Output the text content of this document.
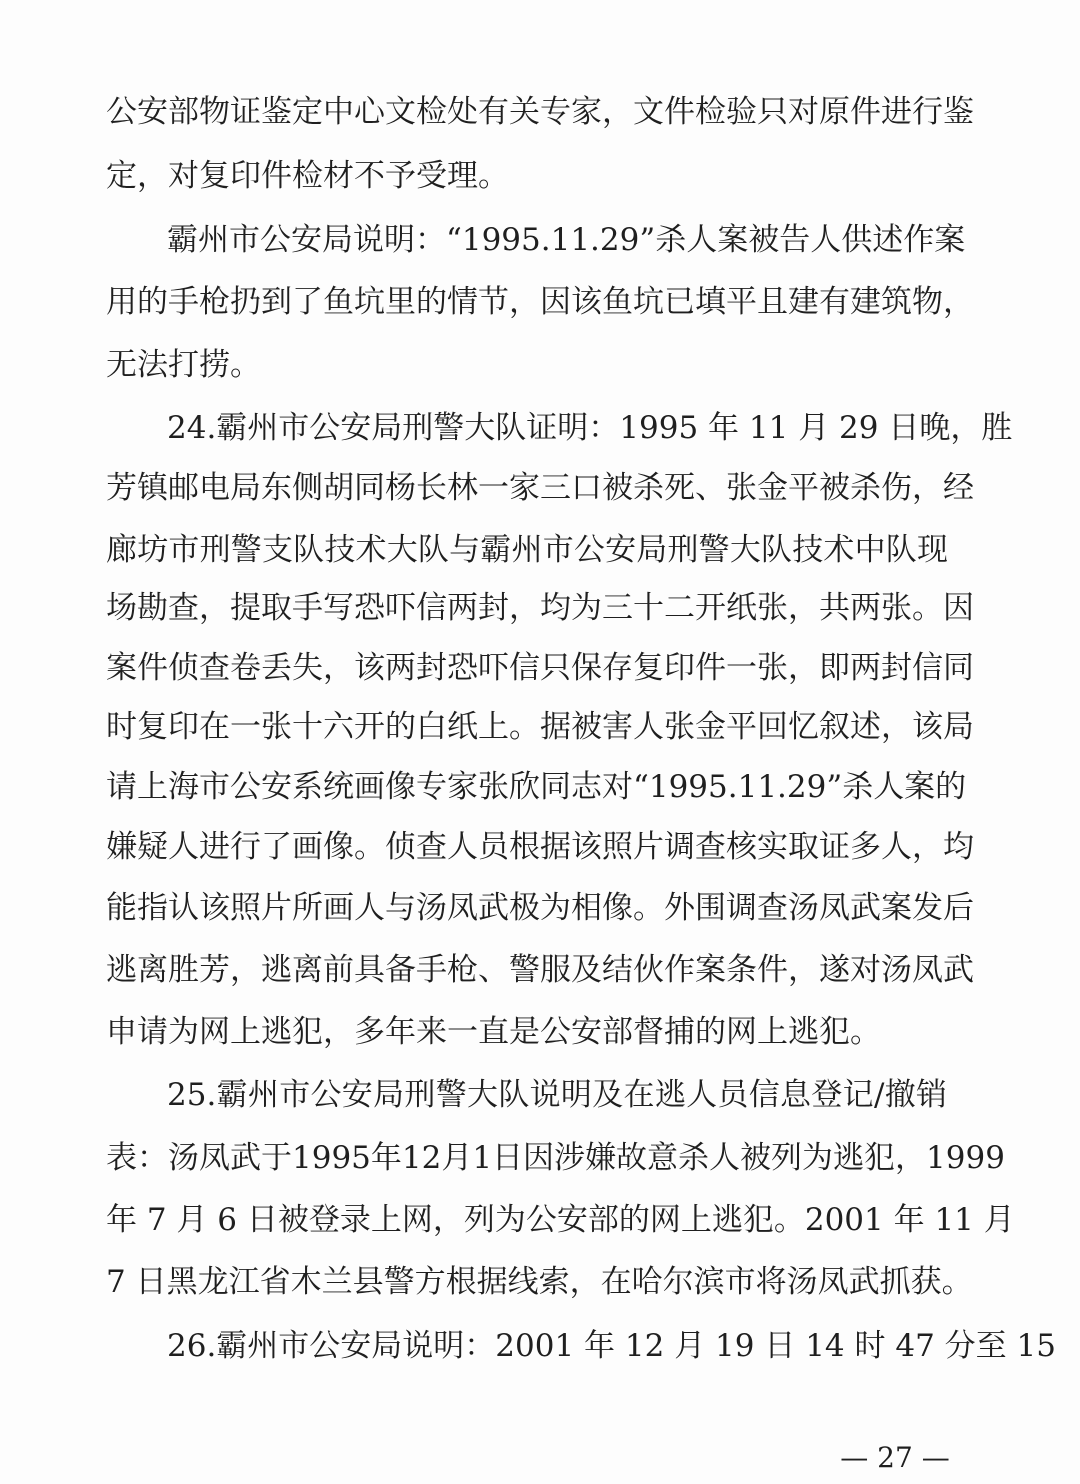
公安部物证鉴定中心文检处有关专家，文件检验只对原件进行鉴
定，对复印件检材不予受理。
霸州市公安局说明：“1995.11.29”杀人案被告人供述作案
用的手枪扔到了鱼坑里的情节，因该鱼坑已填平且建有建筑物，
无法打捞。
24.霸州市公安局刑警大队证明：1995 年 11 月 29 日晚，胜
芳镇邮电局东侧胡同杨长林一家三口被杀死、张金平被杀伤，经
廊坊市刑警支队技术大队与霸州市公安局刑警大队技术中队现
场勘查，提取手写恐吓信两封，均为三十二开纸张，共两张。因
案件侦查卷丢失，该两封恐吓信只保存复印件一张，即两封信同
时复印在一张十六开的白纸上。据被害人张金平回忆叙述，该局
请上海市公安系统画像专家张欣同志对“1995.11.29”杀人案的
嫌疑人进行了画像。侦查人员根据该照片调查核实取证多人，均
能指认该照片所画人与汤凤武极为相像。外围调查汤凤武案发后
逃离胜芳，逃离前具备手枪、警服及结伙作案条件，遂对汤凤武
申请为网上逃犯，多年来一直是公安部督捕的网上逃犯。
25.霸州市公安局刑警大队说明及在逃人员信息登记/撤销
表：汤凤武于1995年12月1日因涉嫌故意杀人被列为逃犯，1999
年 7 月 6 日被登录上网，列为公安部的网上逃犯。2001 年 11 月
7 日黑龙江省木兰县警方根据线索，在哈尔滨市将汤凤武抓获。
26.霸州市公安局说明：2001 年 12 月 19 日 14 时 47 分至 15
— 27 —
